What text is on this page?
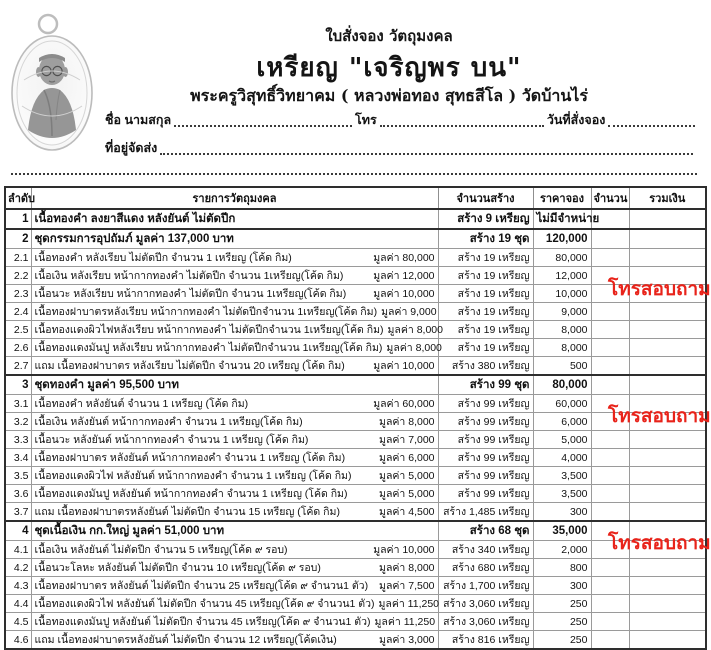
ใบสั่งจอง วัตถุมงคล
เหรียญ "เจริญพร บน"
พระครูวิสุทธิ์วิทยาคม ( หลวงพ่อทอง สุทธสีโล ) วัดบ้านไร่
ชื่อ นามสกุล	โทร	วันที่สั่งจอง
ที่อยู่จัดส่ง
ลำดับ	รายการวัตถุมงคล	จำนวนสร้าง	ราคาจอง	จำนวน	รวมเงิน
1	เนื้อทองคำ ลงยาสีแดง หลังยันต์ ไม่ตัดปีก	สร้าง 9 เหรียญ	ไม่มีจำหน่าย		
2	ชุดกรรมการอุปถัมภ์ มูลค่า 137,000 บาท	สร้าง 19 ชุด	120,000		
2.1	เนื้อทองคำ หลังเรียบ ไม่ตัดปีก จำนวน 1 เหรียญ (โค้ด กิม) มูลค่า 80,000	สร้าง 19 เหรียญ	80,000		
2.2	เนื้อเงิน หลังเรียบ หน้ากากทองคำ ไม่ตัดปีก จำนวน 1เหรียญ(โค้ด กิม) มูลค่า 12,000	สร้าง 19 เหรียญ	12,000		
2.3	เนื้อนวะ หลังเรียบ หน้ากากทองคำ ไม่ตัดปีก จำนวน 1เหรียญ(โค้ด กิม) มูลค่า 10,000	สร้าง 19 เหรียญ	10,000		
2.4	เนื้อทองฝาบาตรหลังเรียบ หน้ากากทองคำ ไม่ตัดปีกจำนวน 1เหรียญ(โค้ด กิม) มูลค่า 9,000	สร้าง 19 เหรียญ	9,000		
2.5	เนื้อทองแดงผิวไฟหลังเรียบ หน้ากากทองคำ ไม่ตัดปีกจำนวน 1เหรียญ(โค้ด กิม) มูลค่า 8,000	สร้าง 19 เหรียญ	8,000		
2.6	เนื้อทองแดงมันปู หลังเรียบ หน้ากากทองคำ ไม่ตัดปีกจำนวน 1เหรียญ(โค้ด กิม) มูลค่า 8,000	สร้าง 19 เหรียญ	8,000		
2.7	แถม เนื้อทองฝาบาตร หลังเรียบ ไม่ตัดปีก จำนวน 20 เหรียญ (โค้ด กิม) มูลค่า 10,000	สร้าง 380 เหรียญ	500		
3	ชุดทองคำ มูลค่า 95,500 บาท	สร้าง 99 ชุด	80,000		
3.1	เนื้อทองคำ หลังยันต์ จำนวน 1 เหรียญ (โค้ด กิม) มูลค่า 60,000	สร้าง 99 เหรียญ	60,000		
3.2	เนื้อเงิน หลังยันต์ หน้ากากทองคำ จำนวน 1 เหรียญ(โค้ด กิม) มูลค่า 8,000	สร้าง 99 เหรียญ	6,000		
3.3	เนื้อนวะ หลังยันต์ หน้ากากทองคำ จำนวน 1 เหรียญ (โค้ด กิม) มูลค่า 7,000	สร้าง 99 เหรียญ	5,000		
3.4	เนื้อทองฝาบาตร หลังยันต์ หน้ากากทองคำ จำนวน 1 เหรียญ (โค้ด กิม) มูลค่า 6,000	สร้าง 99 เหรียญ	4,000		
3.5	เนื้อทองแดงผิวไฟ หลังยันต์ หน้ากากทองคำ จำนวน 1 เหรียญ (โค้ด กิม) มูลค่า 5,000	สร้าง 99 เหรียญ	3,500		
3.6	เนื้อทองแดงมันปู หลังยันต์ หน้ากากทองคำ จำนวน 1 เหรียญ (โค้ด กิม) มูลค่า 5,000	สร้าง 99 เหรียญ	3,500		
3.7	แถม เนื้อทองฝาบาตรหลังยันต์ ไม่ตัดปีก จำนวน 15 เหรียญ (โค้ด กิม) มูลค่า 4,500	สร้าง 1,485 เหรียญ	300		
4	ชุดเนื้อเงิน กก.ใหญ่ มูลค่า 51,000 บาท	สร้าง 68 ชุด	35,000		
4.1	เนื้อเงิน หลังยันต์ ไม่ตัดปีก จำนวน 5 เหรียญ(โค้ด ๙ รอบ) มูลค่า 10,000	สร้าง 340 เหรียญ	2,000		
4.2	เนื้อนวะโลหะ หลังยันต์ ไม่ตัดปีก จำนวน 10 เหรียญ(โค้ด ๙ รอบ) มูลค่า 8,000	สร้าง 680 เหรียญ	800		
4.3	เนื้อทองฝาบาตร หลังยันต์ ไม่ตัดปีก จำนวน 25 เหรียญ(โค้ด ๙ จำนวน1 ตัว) มูลค่า 7,500	สร้าง 1,700 เหรียญ	300		
4.4	เนื้อทองแดงผิวไฟ หลังยันต์ ไม่ตัดปีก จำนวน 45 เหรียญ(โค้ด ๙ จำนวน1 ตัว) มูลค่า 11,250	สร้าง 3,060 เหรียญ	250		
4.5	เนื้อทองแดงมันปู หลังยันต์ ไม่ตัดปีก จำนวน 45 เหรียญ(โค้ด ๙ จำนวน1 ตัว) มูลค่า 11,250	สร้าง 3,060 เหรียญ	250		
4.6	แถม เนื้อทองฝาบาตรหลังยันต์ ไม่ตัดปีก จำนวน 12 เหรียญ(โค้ดเงิน) มูลค่า 3,000	สร้าง 816 เหรียญ	250		
โทรสอบถาม
โทรสอบถาม
โทรสอบถาม
